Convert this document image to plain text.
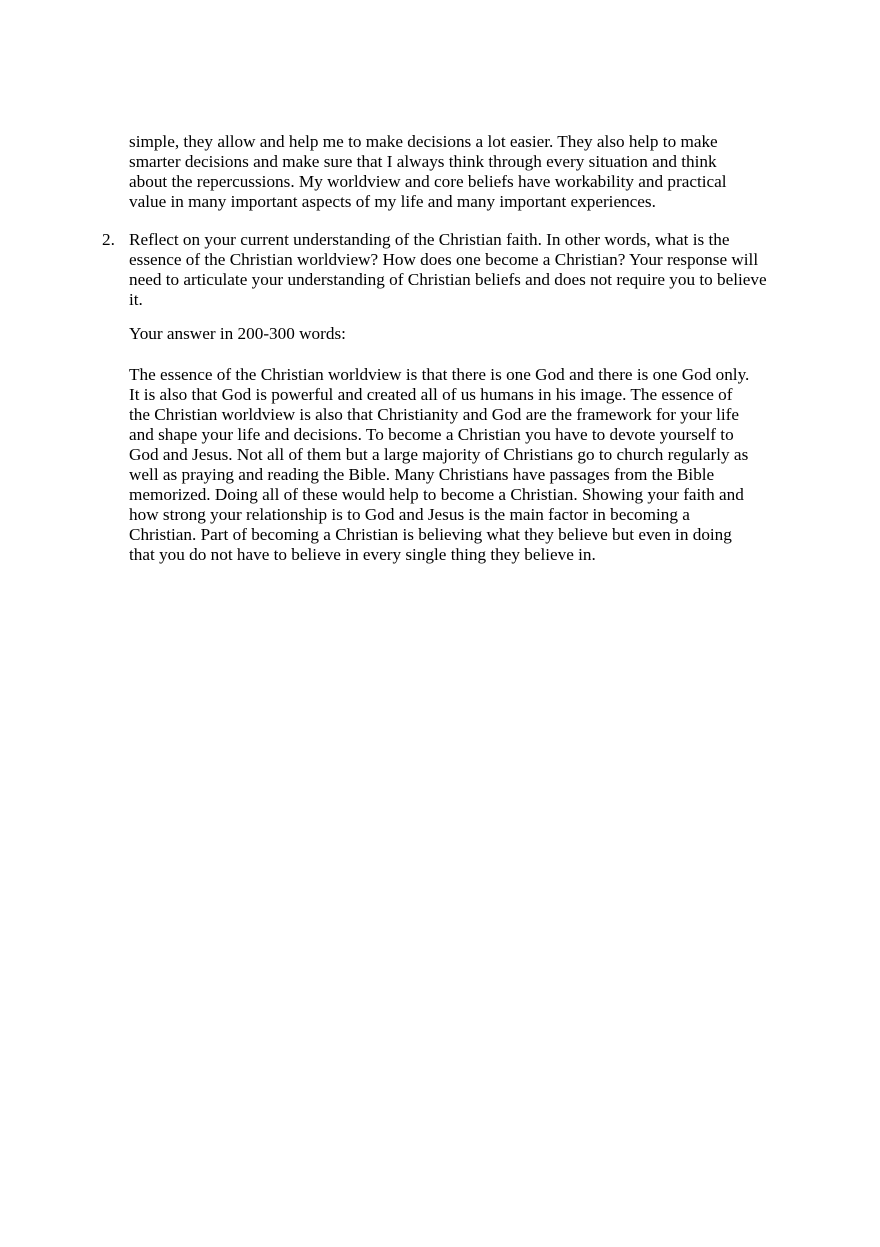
simple, they allow and help me to make decisions a lot easier. They also help to make
smarter decisions and make sure that I always think through every situation and think
about the repercussions. My worldview and core beliefs have workability and practical
value in many important aspects of my life and many important experiences.
2. Reflect on your current understanding of the Christian faith. In other words, what is the
essence of the Christian worldview? How does one become a Christian? Your response will
need to articulate your understanding of Christian beliefs and does not require you to believe
it.
Your answer in 200-300 words:
The essence of the Christian worldview is that there is one God and there is one God only.
It is also that God is powerful and created all of us humans in his image. The essence of
the Christian worldview is also that Christianity and God are the framework for your life
and shape your life and decisions. To become a Christian you have to devote yourself to
God and Jesus. Not all of them but a large majority of Christians go to church regularly as
well as praying and reading the Bible. Many Christians have passages from the Bible
memorized. Doing all of these would help to become a Christian. Showing your faith and
how strong your relationship is to God and Jesus is the main factor in becoming a
Christian. Part of becoming a Christian is believing what they believe but even in doing
that you do not have to believe in every single thing they believe in.
